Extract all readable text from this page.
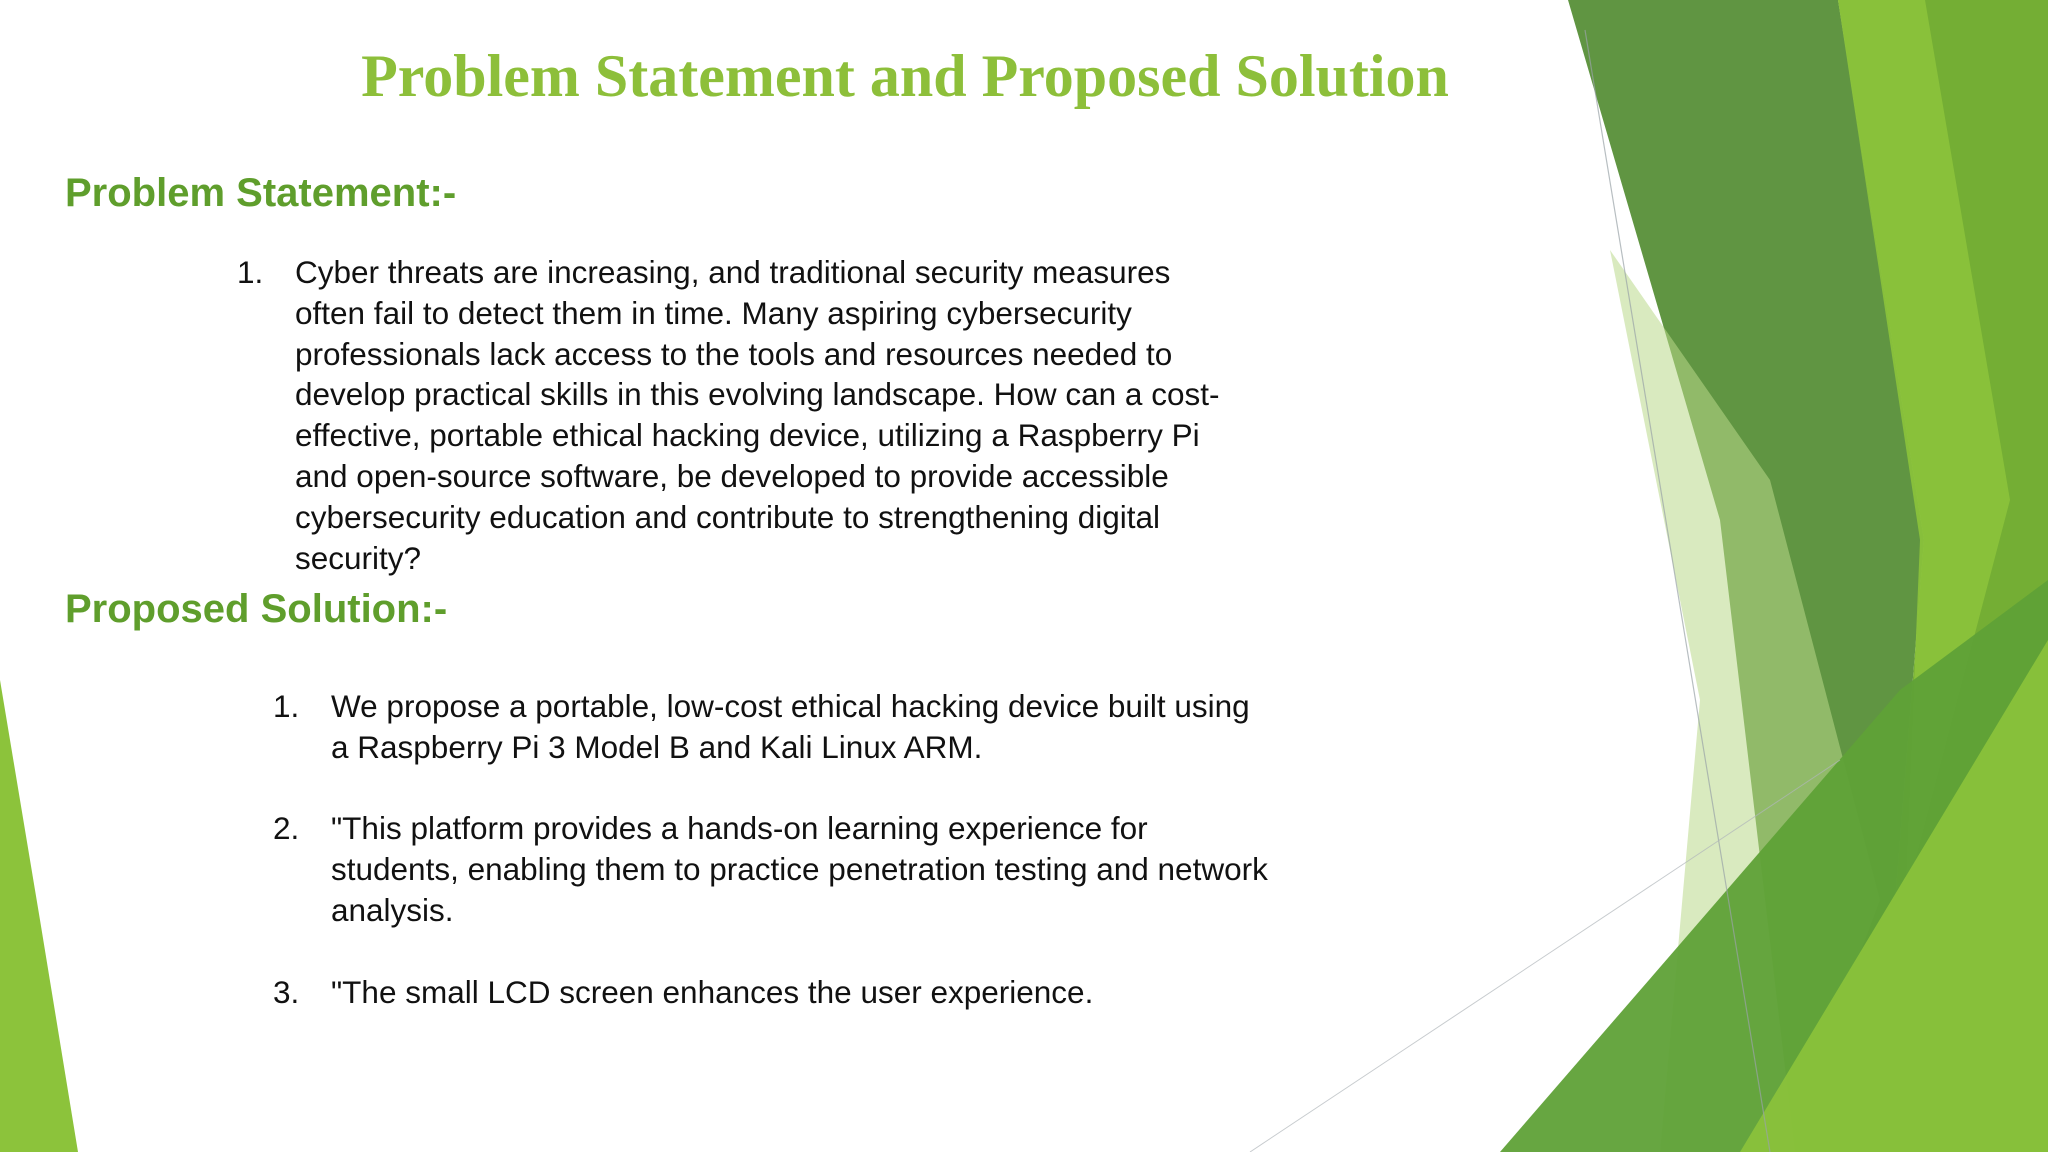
Problem Statement and Proposed Solution
Problem Statement:-
1.	Cyber threats are increasing, and traditional security measures often fail to detect them in time. Many aspiring cybersecurity professionals lack access to the tools and resources needed to develop practical skills in this evolving landscape. How can a cost-effective, portable ethical hacking device, utilizing a Raspberry Pi and open-source software, be developed to provide accessible cybersecurity education and contribute to strengthening digital security?
Proposed Solution:-
1.	We propose a portable, low-cost ethical hacking device built using a Raspberry Pi 3 Model B and Kali Linux ARM.
2.	"This platform provides a hands-on learning experience for students, enabling them to practice penetration testing and network analysis.
3.	"The small LCD screen enhances the user experience.
